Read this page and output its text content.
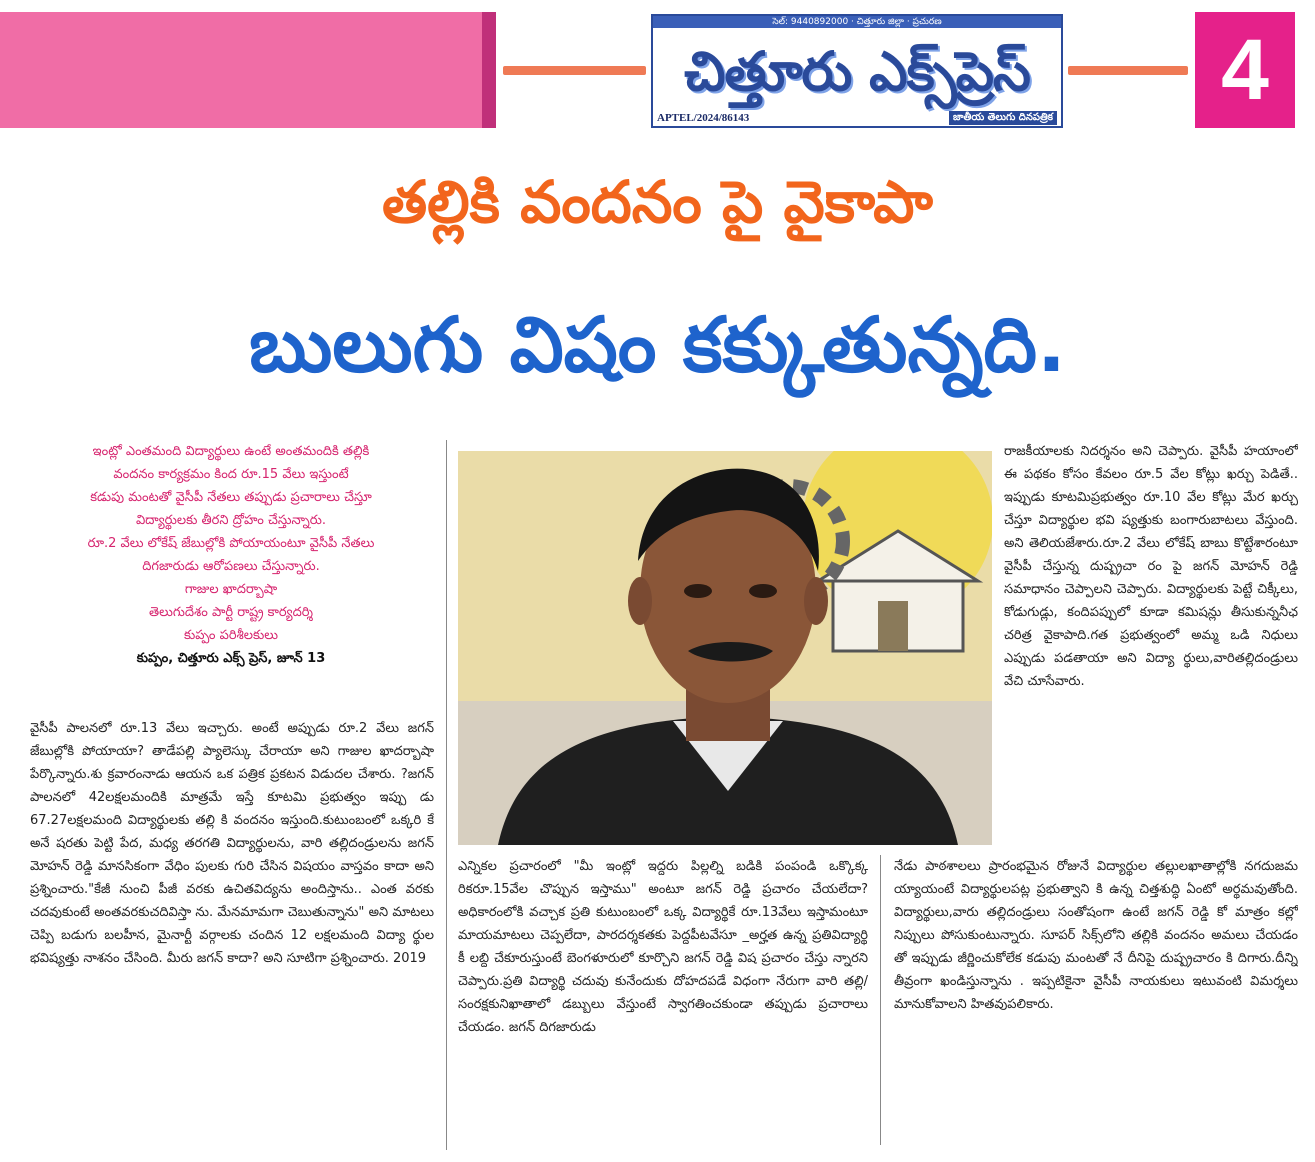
సెల్: 9440892000 · చిత్తూరు జిల్లా · ప్రచురణ
చిత్తూరు ఎక్స్‌ప్రెస్
APTEL/2024/86143	జాతీయ తెలుగు దినపత్రిక	4
తల్లికి వందనం పై వైకాపా
బులుగు విషం కక్కుతున్నది.

ఇంట్లో ఎంతమంది విద్యార్థులు ఉంటే అంతమందికి తల్లికి

వందనం కార్యక్రమం కింద రూ.15 వేలు ఇస్తుంటే

కడుపు మంటతో వైసీపీ నేతలు తప్పుడు ప్రచారాలు చేస్తూ

విద్యార్థులకు తీరని ద్రోహం చేస్తున్నారు.

రూ.2 వేలు లోకేష్ జేబుల్లోకి పోయాయంటూ వైసీపీ నేతలు

దిగజారుడు ఆరోపణలు చేస్తున్నారు.

గాజుల ఖాదర్బాషా

తెలుగుదేశం పార్టీ రాష్ట్ర కార్యదర్శి

కుప్పం పరిశీలకులు

కుప్పం, చిత్తూరు ఎక్స్ ప్రెస్, జూన్ 13

వైసీపీ పాలనలో రూ.13 వేలు ఇచ్చారు. అంటే అప్పుడు రూ.2 వేలు జగన్ జేబుల్లోకి పోయాయా? తాడేపల్లి ప్యాలెస్కు చేరాయా అని గాజుల ఖాదర్బాషా పేర్కొన్నారు.శు క్రవారంనాడు ఆయన ఒక పత్రిక ప్రకటన విడుదల చేశారు. ?జగన్ పాలనలో 42లక్షలమందికి మాత్రమే ఇస్తే కూటమి ప్రభుత్వం ఇప్పు డు 67.27లక్షలమంది విద్యార్థులకు తల్లి కి వందనం ఇస్తుంది.కుటుంబంలో ఒక్కరి కే అనే షరతు పెట్టి పేద, మధ్య తరగతి విద్యార్థులను, వారి తల్లిదండ్రులను జగన్ మోహన్ రెడ్డి మానసికంగా వేధిం పులకు గురి చేసిన విషయం వాస్తవం కాదా అని ప్రశ్నించారు."కేజీ నుంచి పీజీ వరకు ఉచితవిద్యను అందిస్తాను.. ఎంత వరకు చదవుకుంటే అంతవరకుచదివిస్తా ను. మేనమామగా చెబుతున్నాను" అని మాటలు చెప్పి బడుగు బలహీన, మైనార్టీ వర్గాలకు చందిన 12 లక్షలమంది విద్యా ర్థుల భవిష్యత్తు నాశనం చేసింది. మీరు జగన్ కాదా? అని సూటిగా ప్రశ్నించారు. 2019

ఎన్నికల ప్రచారంలో "మీ ఇంట్లో ఇద్దరు పిల్లల్ని బడికి పంపండి ఒక్కొక్క రికరూ.15వేల చొప్పున ఇస్తాము" అంటూ జగన్ రెడ్డి ప్రచారం చేయలేదా?అధికారంలోకి వచ్చాక ప్రతి కుటుంబంలో ఒక్క విద్యార్థికే రూ.13వేలు ఇస్తామంటూ మాయమాటలు చెప్పలేదా, పారదర్శకతకు పెద్దపీటవేసూ _అర్హత ఉన్న ప్రతివిద్యార్థి కీ లబ్ది చేకూరుస్తుంటే బెంగళూరులో కూర్చొని జగన్ రెడ్డి విష ప్రచారం చేస్తు న్నారని చెప్పారు.ప్రతి విద్యార్థి చదువు కునేందుకు దోహదపడే విధంగా నేరుగా వారి తల్లి/సంరక్షకునిఖాతాలో డబ్బులు వేస్తుంటే స్వాగతించకుండా తప్పుడు ప్రచారాలు చేయడం. జగన్ దిగజారుడు

రాజకీయాలకు నిదర్శనం అని చెప్పారు. వైసీపీ హయాంలో ఈ పథకం కోసం కేవలం రూ.5 వేల కోట్లు ఖర్చు పెడితే.. ఇప్పుడు కూటమిప్రభుత్వం రూ.10 వేల కోట్లు మేర ఖర్చు చేస్తూ విద్యార్థుల భవి ష్యత్తుకు బంగారుబాటలు వేస్తుంది. అని తెలియజేశారు.రూ.2 వేలు లోకేష్ బాబు కొట్టేశారంటూ వైసీపీ చేస్తున్న దుష్ప్రచా రం పై జగన్ మోహన్ రెడ్డి సమాధానం చెప్పాలని చెప్పారు. విద్యార్థులకు పెట్టే చిక్కీలు, కోడుగుడ్లు, కందిపప్పులో కూడా కమిషన్లు తీసుకున్ననీఛ చరిత్ర వైకాపాది.గత ప్రభుత్వంలో అమ్మ ఒడి నిధులు ఎప్పుడు పడతాయా అని విద్యా ర్థులు,వారితల్లిదండ్రులు వేచి చూసేవారు.

నేడు పాఠశాలలు ప్రారంభమైన రోజునే విద్యార్థుల తల్లులఖాతాల్లోకి నగదుజమ య్యాయంటే విద్యార్థులపట్ల ప్రభుత్వాని కి ఉన్న చిత్తశుద్ధి ఏంటో అర్థమవుతోంది. విద్యార్థులు,వారు తల్లిదండ్రులు సంతోషంగా ఉంటే జగన్ రెడ్డి కో మాత్రం కల్లో నిప్పులు పోసుకుంటున్నారు. సూపర్ సిక్స్‌లోని తల్లికి వందనం అమలు చేయడం తో ఇప్పుడు జీర్ణించుకోలేక కడుపు మంటతో నే దీనిపై దుష్ప్రచారం కి దిగారు.దీన్ని తీవ్రంగా ఖండిస్తున్నాను . ఇప్పటికైనా వైసీపీ నాయకులు ఇటువంటి విమర్శలు మానుకోవాలని హితవుపలికారు.
